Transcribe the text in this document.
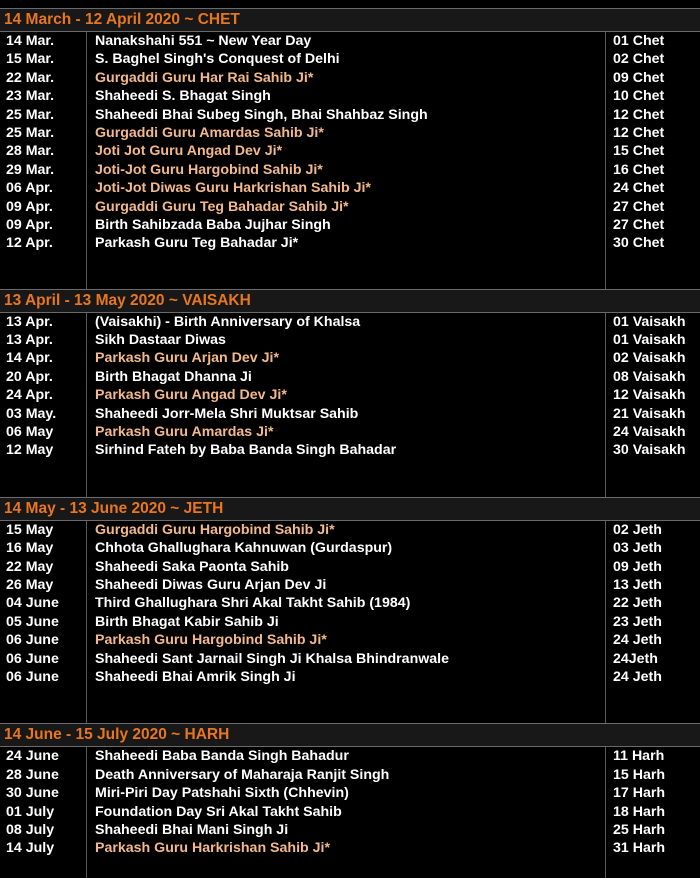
14 March - 12 April 2020 ~ CHET
14 Mar.	Nanakshahi 551 ~ New Year Day	01 Chet
15 Mar.	S. Baghel Singh's Conquest of Delhi	02 Chet
22 Mar.	Gurgaddi Guru Har Rai Sahib Ji*	09 Chet
23 Mar.	Shaheedi S. Bhagat Singh	10 Chet
25 Mar.	Shaheedi Bhai Subeg Singh, Bhai Shahbaz Singh	12 Chet
25 Mar.	Gurgaddi Guru Amardas Sahib Ji*	12 Chet
28 Mar.	Joti Jot Guru Angad Dev Ji*	15 Chet
29 Mar.	Joti-Jot Guru Hargobind Sahib Ji*	16 Chet
06 Apr.	Joti-Jot Diwas Guru Harkrishan Sahib Ji*	24 Chet
09 Apr.	Gurgaddi Guru Teg Bahadar Sahib Ji*	27 Chet
09 Apr.	Birth Sahibzada Baba Jujhar Singh	27 Chet
12 Apr.	Parkash Guru Teg Bahadar Ji*	30 Chet
13 April - 13 May 2020 ~ VAISAKH
13 Apr.	(Vaisakhi) - Birth Anniversary of Khalsa	01 Vaisakh
13 Apr.	Sikh Dastaar Diwas	01 Vaisakh
14 Apr.	Parkash Guru Arjan Dev Ji*	02 Vaisakh
20 Apr.	Birth Bhagat Dhanna Ji	08 Vaisakh
24 Apr.	Parkash Guru Angad Dev Ji*	12 Vaisakh
03 May.	Shaheedi Jorr-Mela Shri Muktsar Sahib	21 Vaisakh
06 May	Parkash Guru Amardas Ji*	24 Vaisakh
12 May	Sirhind Fateh by Baba Banda Singh Bahadar	30 Vaisakh
14 May - 13 June 2020 ~ JETH
15 May	Gurgaddi Guru Hargobind Sahib Ji*	02 Jeth
16 May	Chhota Ghallughara Kahnuwan (Gurdaspur)	03 Jeth
22 May	Shaheedi Saka Paonta Sahib	09 Jeth
26 May	Shaheedi Diwas Guru Arjan Dev Ji	13 Jeth
04 June	Third Ghallughara Shri Akal Takht Sahib (1984)	22 Jeth
05 June	Birth Bhagat Kabir Sahib Ji	23 Jeth
06 June	Parkash Guru Hargobind Sahib Ji*	24 Jeth
06 June	Shaheedi Sant Jarnail Singh Ji Khalsa Bhindranwale	24Jeth
06 June	Shaheedi Bhai Amrik Singh Ji	24 Jeth
14 June - 15 July 2020 ~ HARH
24 June	Shaheedi Baba Banda Singh Bahadur	11 Harh
28 June	Death Anniversary of Maharaja Ranjit Singh	15 Harh
30 June	Miri-Piri Day Patshahi Sixth (Chhevin)	17 Harh
01 July	Foundation Day Sri Akal Takht Sahib	18 Harh
08 July	Shaheedi Bhai Mani Singh Ji	25 Harh
14 July	Parkash Guru Harkrishan Sahib Ji*	31 Harh
